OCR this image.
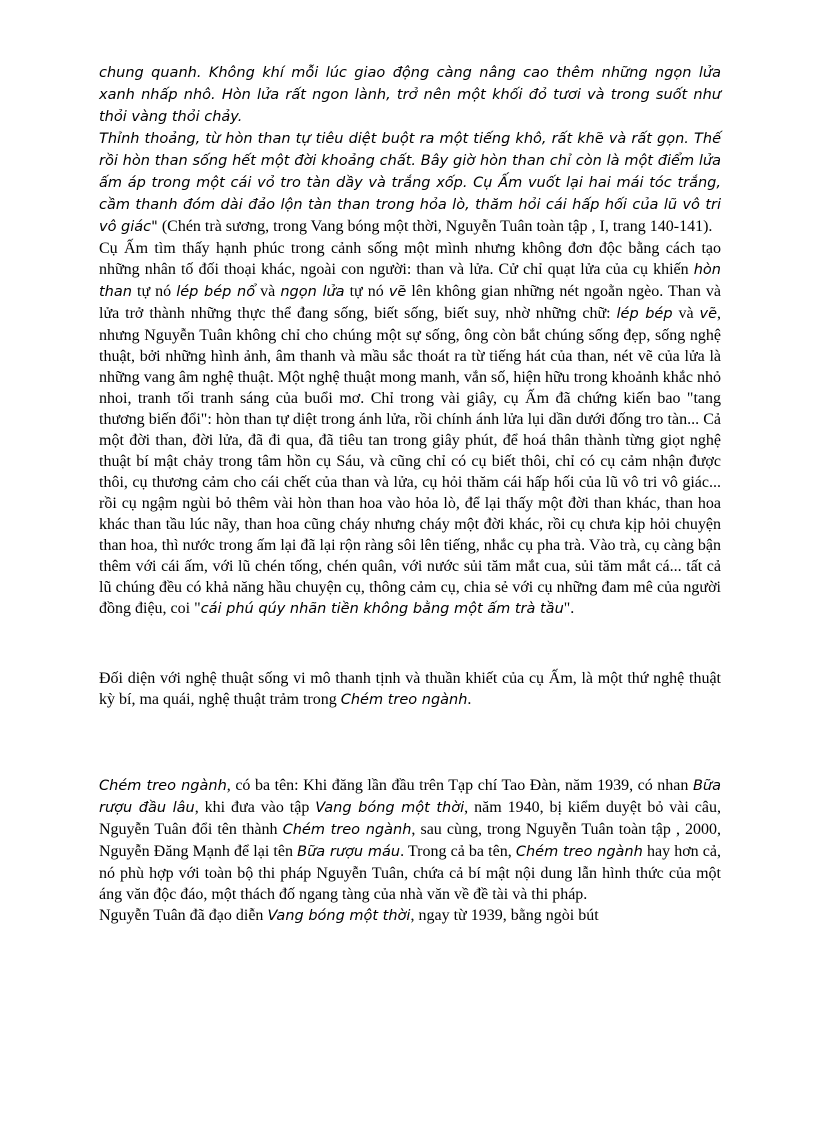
chung quanh. Không khí mỗi lúc giao động càng nâng cao thêm những ngọn lửa xanh nhấp nhô. Hòn lửa rất ngon lành, trở nên một khối đỏ tươi và trong suốt như thỏi vàng thỏi chảy.

Thỉnh thoảng, từ hòn than tự tiêu diệt buột ra một tiếng khô, rất khẽ và rất gọn. Thế rồi hòn than sống hết một đời khoảng chất. Bây giờ hòn than chỉ còn là một điểm lửa ấm áp trong một cái vỏ tro tàn dầy và trắng xốp. Cụ Ấm vuốt lại hai mái tóc trắng, cầm thanh đóm dài đảo lộn tàn than trong hỏa lò, thăm hỏi cái hấp hối của lũ vô tri vô giác" (Chén trà sương, trong Vang bóng một thời, Nguyễn Tuân toàn tập , I, trang 140-141).

Cụ Ấm tìm thấy hạnh phúc trong cảnh sống một mình nhưng không đơn độc bằng cách tạo những nhân tố đối thoại khác, ngoài con người: than và lửa. Cử chỉ quạt lửa của cụ khiến hòn than tự nó lép bép nổ và ngọn lửa tự nó vẽ lên không gian những nét ngoằn ngèo. Than và lửa trở thành những thực thể đang sống, biết sống, biết suy, nhờ những chữ: lép bép và vẽ, nhưng Nguyễn Tuân không chỉ cho chúng một sự sống, ông còn bắt chúng sống đẹp, sống nghệ thuật, bởi những hình ảnh, âm thanh và mầu sắc thoát ra từ tiếng hát của than, nét vẽ của lửa là những vang âm nghệ thuật. Một nghệ thuật mong manh, vắn số, hiện hữu trong khoảnh khắc nhỏ nhoi, tranh tối tranh sáng của buổi mơ. Chỉ trong vài giây, cụ Ấm đã chứng kiến bao "tang thương biến đổi": hòn than tự diệt trong ánh lửa, rồi chính ánh lửa lụi dần dưới đống tro tàn... Cả một đời than, đời lửa, đã đi qua, đã tiêu tan trong giây phút, để hoá thân thành từng giọt nghệ thuật bí mật chảy trong tâm hồn cụ Sáu, và cũng chỉ có cụ biết thôi, chỉ có cụ cảm nhận được thôi, cụ thương cảm cho cái chết của than và lửa, cụ hỏi thăm cái hấp hối của lũ vô tri vô giác... rồi cụ ngậm ngùi bỏ thêm vài hòn than hoa vào hỏa lò, để lại thấy một đời than khác, than hoa khác than tầu lúc nãy, than hoa cũng cháy nhưng cháy một đời khác, rồi cụ chưa kịp hỏi chuyện than hoa, thì nước trong ấm lại đã lại rộn ràng sôi lên tiếng, nhắc cụ pha trà. Vào trà, cụ càng bận thêm với cái ấm, với lũ chén tống, chén quân, với nước sủi tăm mắt cua, sủi tăm mắt cá... tất cả lũ chúng đều có khả năng hầu chuyện cụ, thông cảm cụ, chia sẻ với cụ những đam mê của người đồng điệu, coi "cái phú qúy nhãn tiền không bằng một ấm trà tầu".

Đối diện với nghệ thuật sống vi mô thanh tịnh và thuần khiết của cụ Ấm, là một thứ nghệ thuật kỳ bí, ma quái, nghệ thuật trảm trong Chém treo ngành.

Chém treo ngành, có ba tên: Khi đăng lần đầu trên Tạp chí Tao Đàn, năm 1939, có nhan Bữa rượu đầu lâu, khi đưa vào tập Vang bóng một thời, năm 1940, bị kiểm duyệt bỏ vài câu, Nguyễn Tuân đổi tên thành Chém treo ngành, sau cùng, trong Nguyễn Tuân toàn tập , 2000, Nguyễn Đăng Mạnh để lại tên Bữa rượu máu. Trong cả ba tên, Chém treo ngành hay hơn cả, nó phù hợp với toàn bộ thi pháp Nguyễn Tuân, chứa cả bí mật nội dung lẫn hình thức của một áng văn độc đáo, một thách đố ngang tàng của nhà văn về đề tài và thi pháp.

Nguyễn Tuân đã đạo diễn Vang bóng một thời, ngay từ 1939, bằng ngòi bút
